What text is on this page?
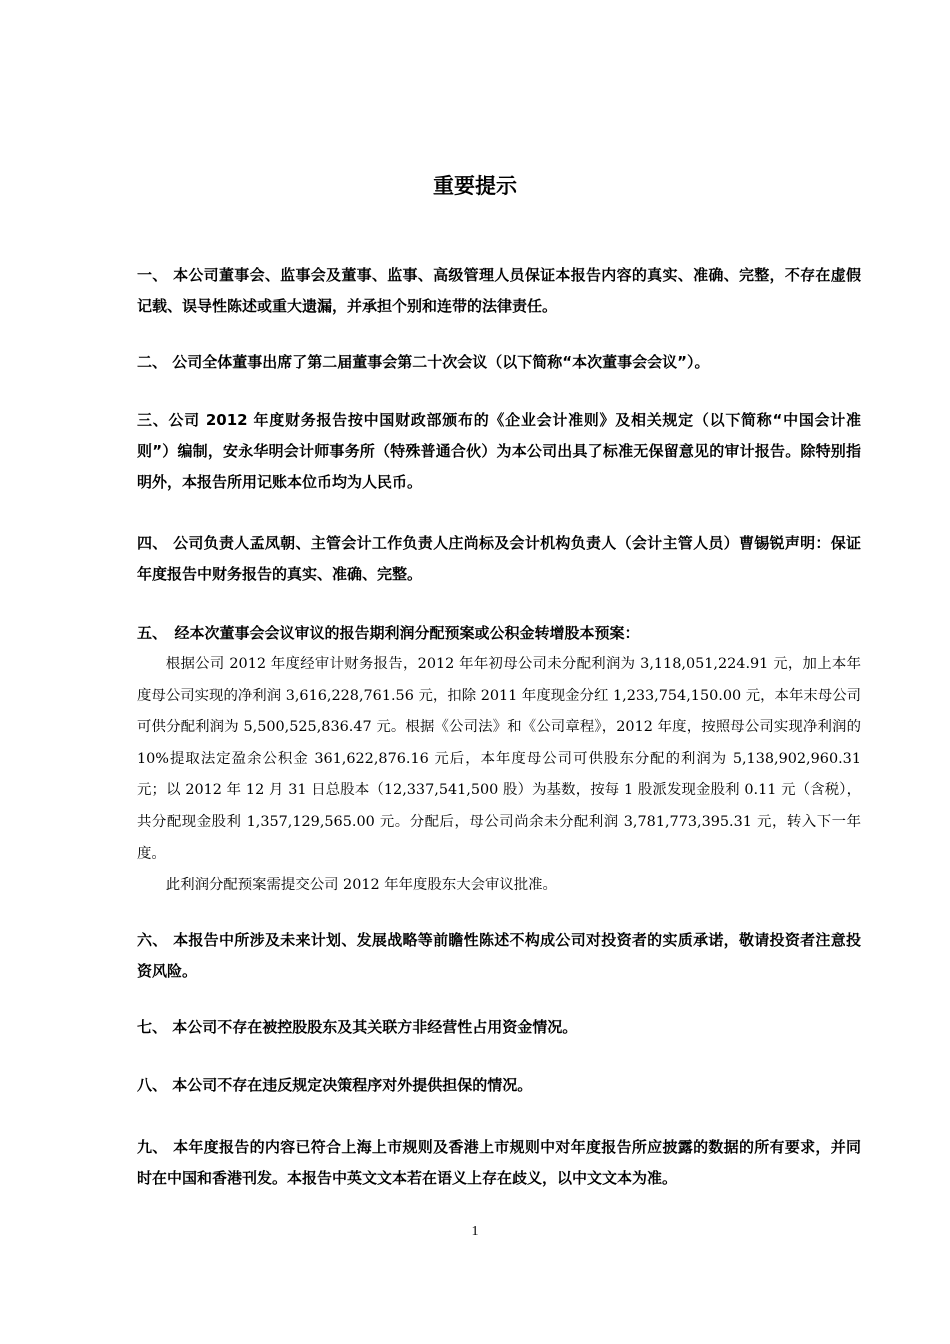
重要提示
一、 本公司董事会、监事会及董事、监事、高级管理人员保证本报告内容的真实、准确、完整，不存在虚假记载、误导性陈述或重大遗漏，并承担个别和连带的法律责任。
二、 公司全体董事出席了第二届董事会第二十次会议（以下简称“本次董事会会议”）。
三、公司 2012 年度财务报告按中国财政部颁布的《企业会计准则》及相关规定（以下简称“中国会计准则”）编制，安永华明会计师事务所（特殊普通合伙）为本公司出具了标准无保留意见的审计报告。除特别指明外，本报告所用记账本位币均为人民币。
四、 公司负责人孟凤朝、主管会计工作负责人庄尚标及会计机构负责人（会计主管人员）曹锡锐声明：保证年度报告中财务报告的真实、准确、完整。
五、　经本次董事会会议审议的报告期利润分配预案或公积金转增股本预案：
根据公司 2012 年度经审计财务报告，2012 年年初母公司未分配利润为 3,118,051,224.91 元，加上本年度母公司实现的净利润 3,616,228,761.56 元，扣除 2011 年度现金分红 1,233,754,150.00 元，本年末母公司可供分配利润为 5,500,525,836.47 元。根据《公司法》和《公司章程》，2012 年度，按照母公司实现净利润的 10%提取法定盈余公积金 361,622,876.16 元后，本年度母公司可供股东分配的利润为 5,138,902,960.31 元；以 2012 年 12 月 31 日总股本（12,337,541,500 股）为基数，按每 1 股派发现金股利 0.11 元（含税），共分配现金股利 1,357,129,565.00 元。分配后，母公司尚余未分配利润 3,781,773,395.31 元，转入下一年度。
此利润分配预案需提交公司 2012 年年度股东大会审议批准。
六、 本报告中所涉及未来计划、发展战略等前瞻性陈述不构成公司对投资者的实质承诺，敬请投资者注意投资风险。
七、 本公司不存在被控股股东及其关联方非经营性占用资金情况。
八、 本公司不存在违反规定决策程序对外提供担保的情况。
九、 本年度报告的内容已符合上海上市规则及香港上市规则中对年度报告所应披露的数据的所有要求，并同时在中国和香港刊发。本报告中英文文本若在语义上存在歧义，以中文文本为准。
1
